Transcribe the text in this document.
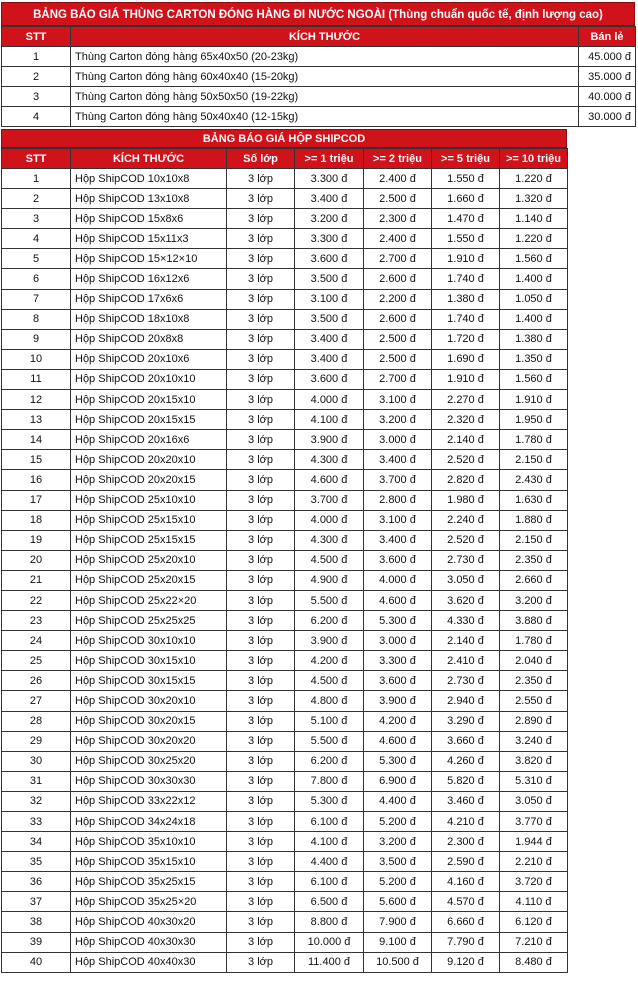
BẢNG BÁO GIÁ THÙNG CARTON ĐÓNG HÀNG ĐI NƯỚC NGOÀI (Thùng chuẩn quốc tế, định lượng cao)
STT	KÍCH THƯỚC	Bán lẻ
1	Thùng Carton đóng hàng 65x40x50 (20-23kg)	45.000 đ
2	Thùng Carton đóng hàng 60x40x40 (15-20kg)	35.000 đ
3	Thùng Carton đóng hàng 50x50x50 (19-22kg)	40.000 đ
4	Thùng Carton đóng hàng 50x40x40 (12-15kg)	30.000 đ
BẢNG BÁO GIÁ HỘP SHIPCOD
STT	KÍCH THƯỚC	Số lớp	>= 1 triệu	>= 2 triệu	>= 5 triệu	>= 10 triệu
1	Hộp ShipCOD 10x10x8	3 lớp	3.300 đ	2.400 đ	1.550 đ	1.220 đ
2	Hộp ShipCOD 13x10x8	3 lớp	3.400 đ	2.500 đ	1.660 đ	1.320 đ
3	Hộp ShipCOD 15x8x6	3 lớp	3.200 đ	2.300 đ	1.470 đ	1.140 đ
4	Hộp ShipCOD 15x11x3	3 lớp	3.300 đ	2.400 đ	1.550 đ	1.220 đ
5	Hộp ShipCOD 15×12×10	3 lớp	3.600 đ	2.700 đ	1.910 đ	1.560 đ
6	Hộp ShipCOD 16x12x6	3 lớp	3.500 đ	2.600 đ	1.740 đ	1.400 đ
7	Hộp ShipCOD 17x6x6	3 lớp	3.100 đ	2.200 đ	1.380 đ	1.050 đ
8	Hộp ShipCOD 18x10x8	3 lớp	3.500 đ	2.600 đ	1.740 đ	1.400 đ
9	Hộp ShipCOD 20x8x8	3 lớp	3.400 đ	2.500 đ	1.720 đ	1.380 đ
10	Hộp ShipCOD 20x10x6	3 lớp	3.400 đ	2.500 đ	1.690 đ	1.350 đ
11	Hộp ShipCOD 20x10x10	3 lớp	3.600 đ	2.700 đ	1.910 đ	1.560 đ
12	Hộp ShipCOD 20x15x10	3 lớp	4.000 đ	3.100 đ	2.270 đ	1.910 đ
13	Hộp ShipCOD 20x15x15	3 lớp	4.100 đ	3.200 đ	2.320 đ	1.950 đ
14	Hộp ShipCOD 20x16x6	3 lớp	3.900 đ	3.000 đ	2.140 đ	1.780 đ
15	Hộp ShipCOD 20x20x10	3 lớp	4.300 đ	3.400 đ	2.520 đ	2.150 đ
16	Hộp ShipCOD 20x20x15	3 lớp	4.600 đ	3.700 đ	2.820 đ	2.430 đ
17	Hộp ShipCOD 25x10x10	3 lớp	3.700 đ	2.800 đ	1.980 đ	1.630 đ
18	Hộp ShipCOD 25x15x10	3 lớp	4.000 đ	3.100 đ	2.240 đ	1.880 đ
19	Hộp ShipCOD 25x15x15	3 lớp	4.300 đ	3.400 đ	2.520 đ	2.150 đ
20	Hộp ShipCOD 25x20x10	3 lớp	4.500 đ	3.600 đ	2.730 đ	2.350 đ
21	Hộp ShipCOD 25x20x15	3 lớp	4.900 đ	4.000 đ	3.050 đ	2.660 đ
22	Hộp ShipCOD 25x22×20	3 lớp	5.500 đ	4.600 đ	3.620 đ	3.200 đ
23	Hộp ShipCOD 25x25x25	3 lớp	6.200 đ	5.300 đ	4.330 đ	3.880 đ
24	Hộp ShipCOD 30x10x10	3 lớp	3.900 đ	3.000 đ	2.140 đ	1.780 đ
25	Hộp ShipCOD 30x15x10	3 lớp	4.200 đ	3.300 đ	2.410 đ	2.040 đ
26	Hộp ShipCOD 30x15x15	3 lớp	4.500 đ	3.600 đ	2.730 đ	2.350 đ
27	Hộp ShipCOD 30x20x10	3 lớp	4.800 đ	3.900 đ	2.940 đ	2.550 đ
28	Hộp ShipCOD 30x20x15	3 lớp	5.100 đ	4.200 đ	3.290 đ	2.890 đ
29	Hộp ShipCOD 30x20x20	3 lớp	5.500 đ	4.600 đ	3.660 đ	3.240 đ
30	Hộp ShipCOD 30x25x20	3 lớp	6.200 đ	5.300 đ	4.260 đ	3.820 đ
31	Hộp ShipCOD 30x30x30	3 lớp	7.800 đ	6.900 đ	5.820 đ	5.310 đ
32	Hộp ShipCOD 33x22x12	3 lớp	5.300 đ	4.400 đ	3.460 đ	3.050 đ
33	Hộp ShipCOD 34x24x18	3 lớp	6.100 đ	5.200 đ	4.210 đ	3.770 đ
34	Hộp ShipCOD 35x10x10	3 lớp	4.100 đ	3.200 đ	2.300 đ	1.944 đ
35	Hộp ShipCOD 35x15x10	3 lớp	4.400 đ	3.500 đ	2.590 đ	2.210 đ
36	Hộp ShipCOD 35x25x15	3 lớp	6.100 đ	5.200 đ	4.160 đ	3.720 đ
37	Hộp ShipCOD 35x25×20	3 lớp	6.500 đ	5.600 đ	4.570 đ	4.110 đ
38	Hộp ShipCOD 40x30x20	3 lớp	8.800 đ	7.900 đ	6.660 đ	6.120 đ
39	Hộp ShipCOD 40x30x30	3 lớp	10.000 đ	9.100 đ	7.790 đ	7.210 đ
40	Hộp ShipCOD 40x40x30	3 lớp	11.400 đ	10.500 đ	9.120 đ	8.480 đ
